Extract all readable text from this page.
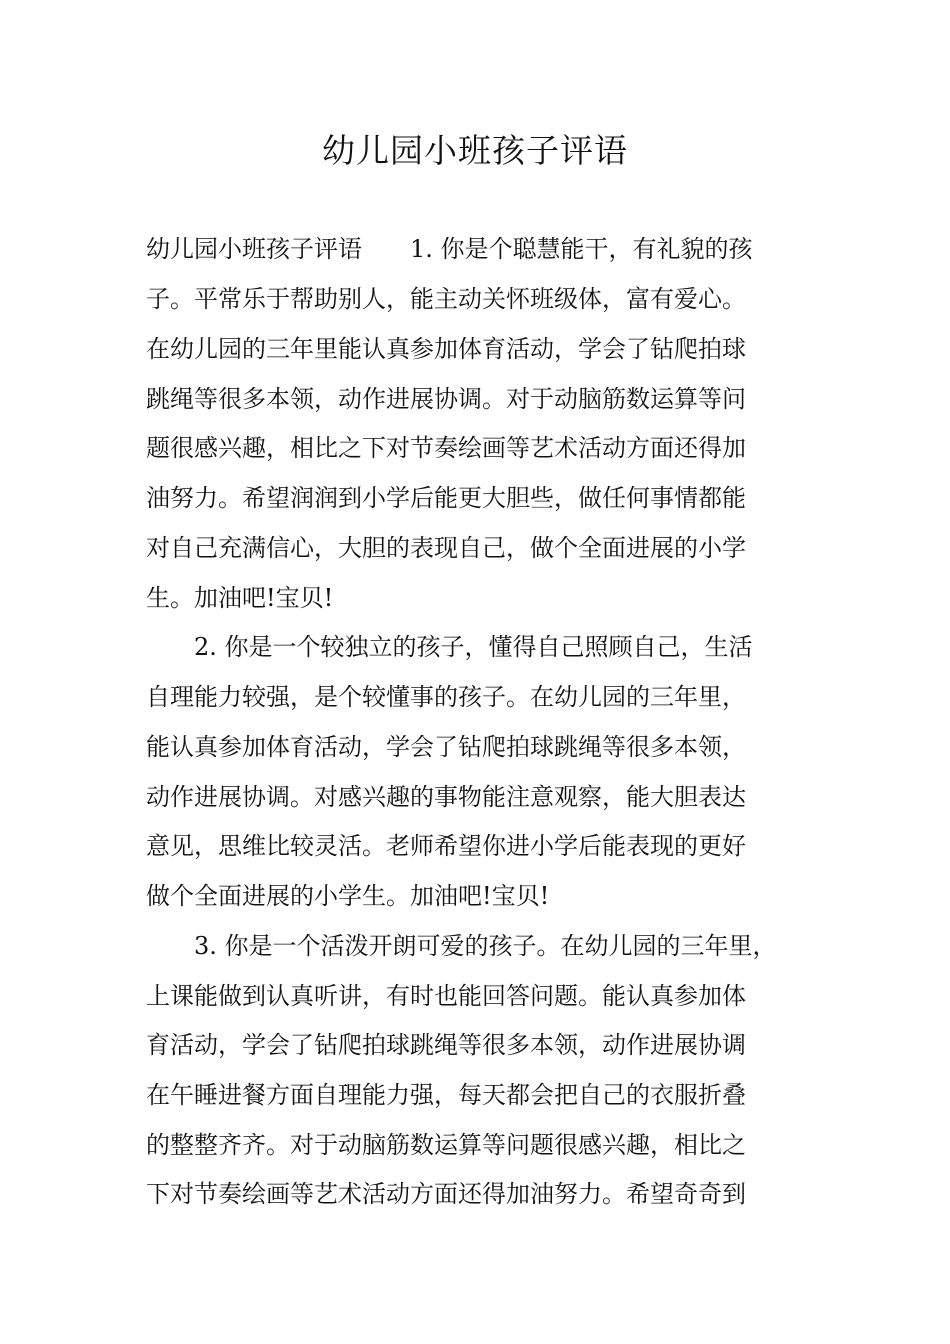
幼儿园小班孩子评语
幼儿园小班孩子评语　　1. 你是个聪慧能干，有礼貌的孩
子。平常乐于帮助别人，能主动关怀班级体，富有爱心。
在幼儿园的三年里能认真参加体育活动，学会了钻爬拍球
跳绳等很多本领，动作进展协调。对于动脑筋数运算等问
题很感兴趣，相比之下对节奏绘画等艺术活动方面还得加
油努力。希望润润到小学后能更大胆些，做任何事情都能
对自己充满信心，大胆的表现自己，做个全面进展的小学
生。加油吧!宝贝!
　　2. 你是一个较独立的孩子，懂得自己照顾自己，生活
自理能力较强，是个较懂事的孩子。在幼儿园的三年里，
能认真参加体育活动，学会了钻爬拍球跳绳等很多本领，
动作进展协调。对感兴趣的事物能注意观察，能大胆表达
意见，思维比较灵活。老师希望你进小学后能表现的更好
做个全面进展的小学生。加油吧!宝贝!
　　3. 你是一个活泼开朗可爱的孩子。在幼儿园的三年里，
上课能做到认真听讲，有时也能回答问题。能认真参加体
育活动，学会了钻爬拍球跳绳等很多本领，动作进展协调
在午睡进餐方面自理能力强，每天都会把自己的衣服折叠
的整整齐齐。对于动脑筋数运算等问题很感兴趣，相比之
下对节奏绘画等艺术活动方面还得加油努力。希望奇奇到
